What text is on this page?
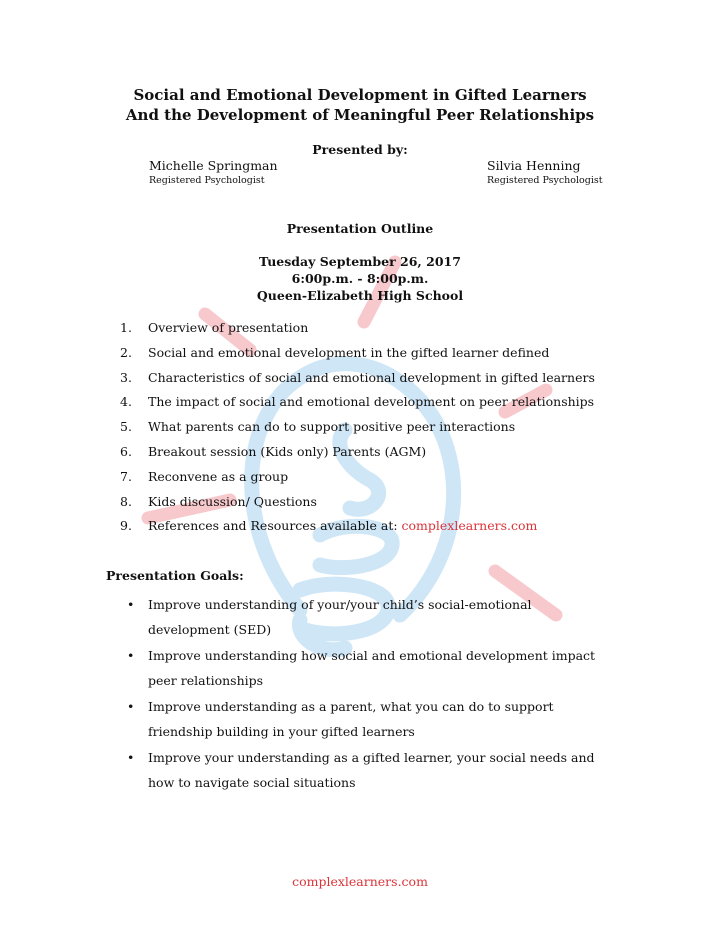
Social and Emotional Development in Gifted Learners
And the Development of Meaningful Peer Relationships
Presented by:
Michelle Springman
Registered Psychologist
Silvia Henning
Registered Psychologist
Presentation Outline
Tuesday September 26, 2017
6:00p.m. - 8:00p.m.
Queen-Elizabeth High School
1. Overview of presentation
2. Social and emotional development in the gifted learner defined
3. Characteristics of social and emotional development in gifted learners
4. The impact of social and emotional development on peer relationships
5. What parents can do to support positive peer interactions
6. Breakout session (Kids only) Parents (AGM)
7. Reconvene as a group
8. Kids discussion/ Questions
9. References and Resources available at: complexlearners.com
Presentation Goals:
• Improve understanding of your/your child’s social-emotional development (SED)
• Improve understanding how social and emotional development impact peer relationships
• Improve understanding as a parent, what you can do to support friendship building in your gifted learners
• Improve your understanding as a gifted learner, your social needs and how to navigate social situations
complexlearners.com
